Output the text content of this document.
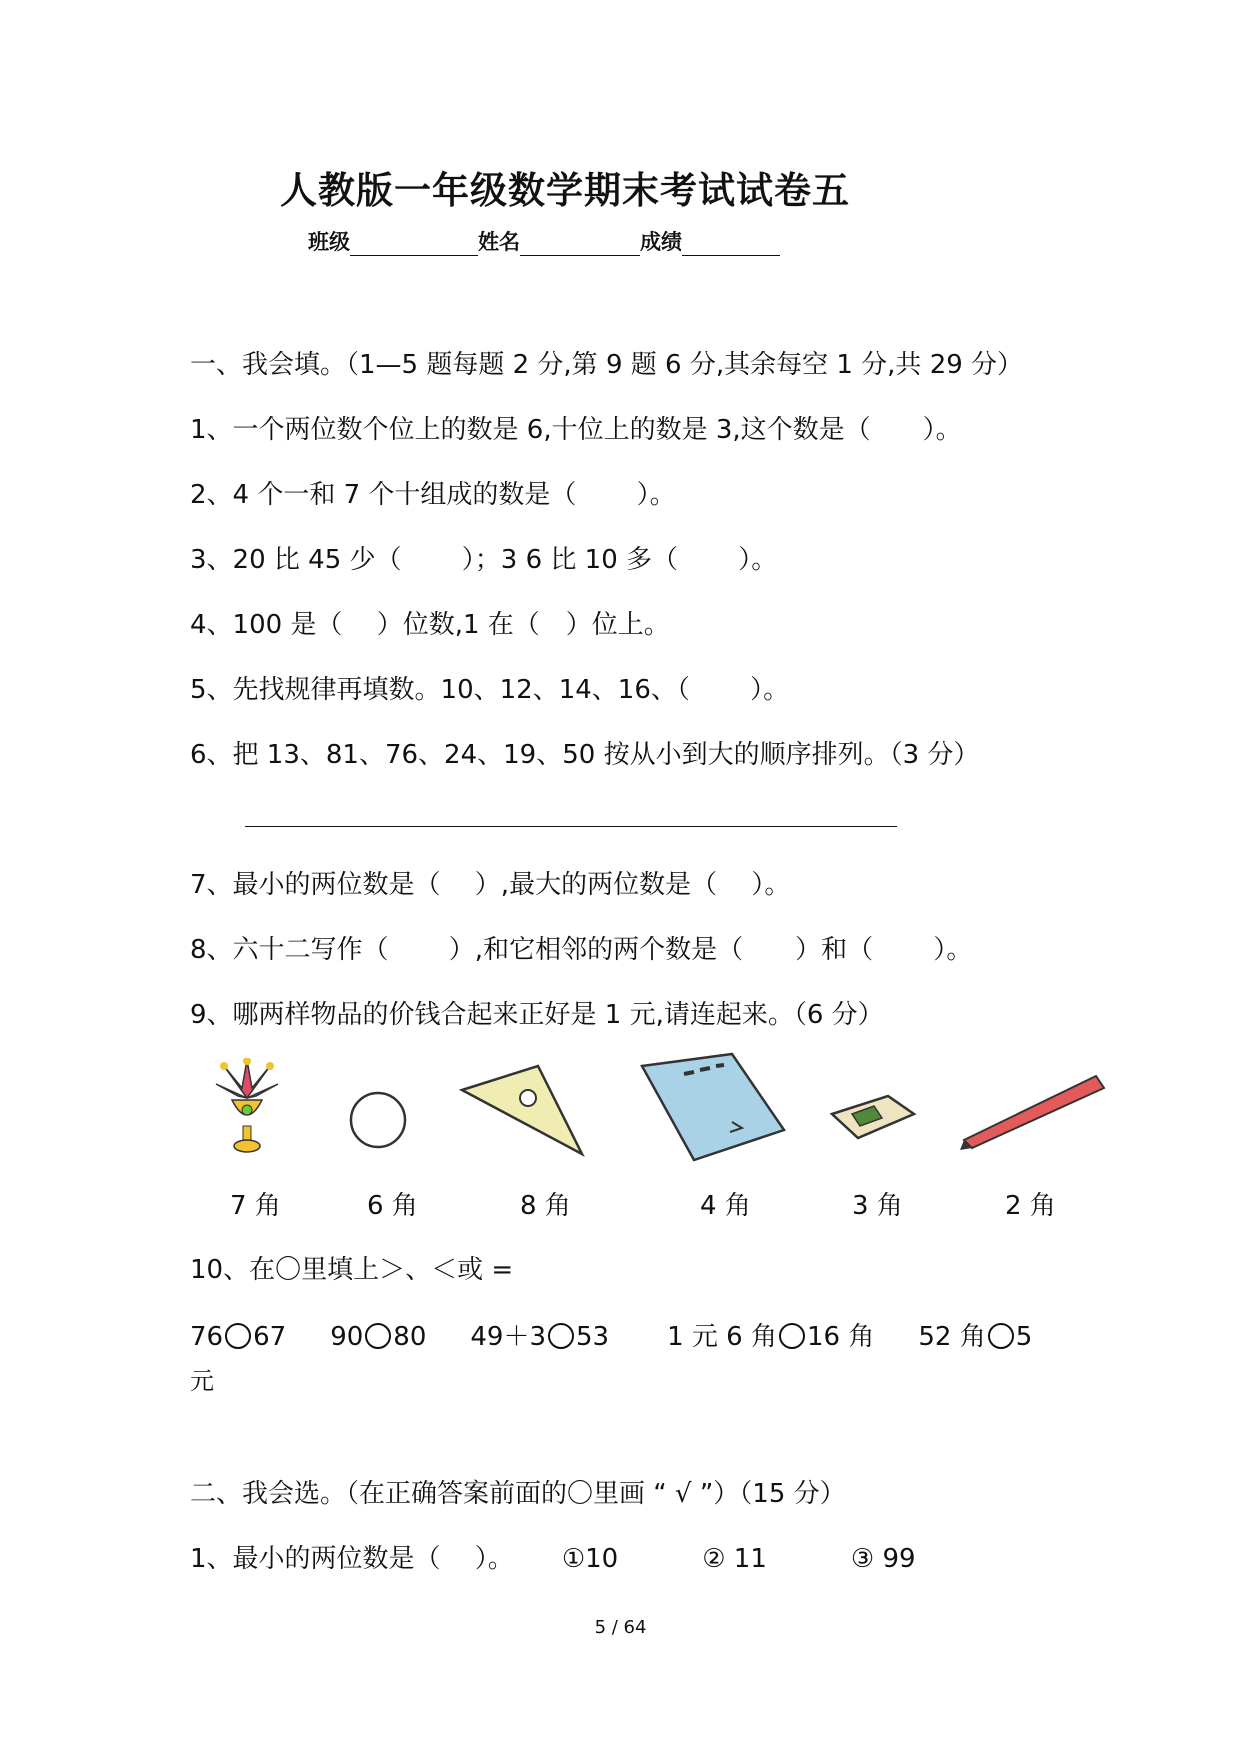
人教版一年级数学期末考试试卷五
班级	姓名	成绩
一、我会填。（1—5 题每题 2 分,第 9 题 6 分,其余每空 1 分,共 29 分）
1、一个两位数个位上的数是 6,十位上的数是 3,这个数是（　　）。
2、4 个一和 7 个十组成的数是（　　 ）。
3、20 比 45 少（　　 ）；3 6 比 10 多（　　 ）。
4、100 是（　 ）位数,1 在（　）位上。
5、先找规律再填数。10、12、14、16、（　　 ）。
6、把 13、81、76、24、19、50 按从小到大的顺序排列。（3 分）
7、最小的两位数是（　 ）,最大的两位数是（　 ）。
8、六十二写作（　　 ）,和它相邻的两个数是（　　）和（　　 ）。
9、哪两样物品的价钱合起来正好是 1 元,请连起来。（6 分）
7 角	6 角	8 角	4 角	3 角	2 角
10、在〇里填上＞、＜或 =
76 67 90 80 49＋3 53 1 元 6 角 16 角 52 角 5
元
二、我会选。（在正确答案前面的〇里画 “ √ ”）（15 分）
1、最小的两位数是（　 ）。 ①10	② 11	③ 99
5 / 64
